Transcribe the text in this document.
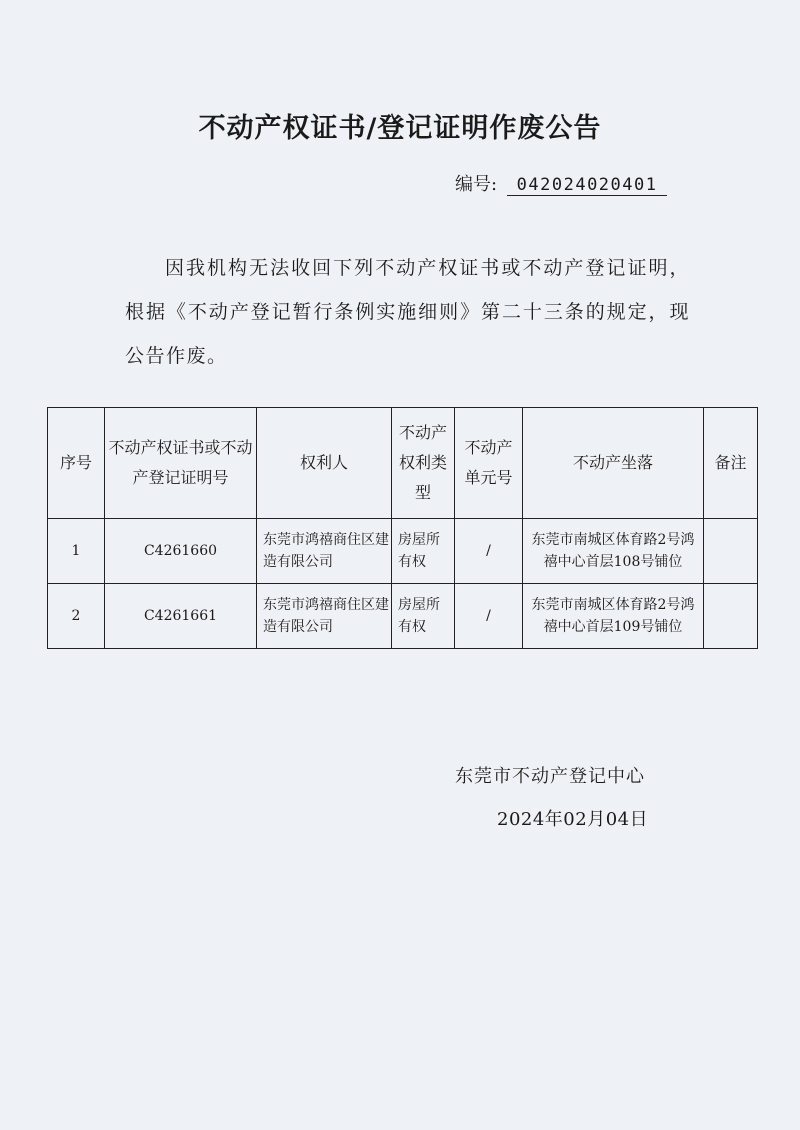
不动产权证书/登记证明作废公告
编号:	042024020401
因我机构无法收回下列不动产权证书或不动产登记证明，根据《不动产登记暂行条例实施细则》第二十三条的规定，现公告作废。
序号	不动产权证书或不动产登记证明号	权利人	不动产权利类型	不动产单元号	不动产坐落	备注
1	C4261660	东莞市鸿禧商住区建造有限公司	房屋所有权	/	东莞市南城区体育路2号鸿禧中心首层108号铺位	
2	C4261661	东莞市鸿禧商住区建造有限公司	房屋所有权	/	东莞市南城区体育路2号鸿禧中心首层109号铺位	
东莞市不动产登记中心
2024年02月04日
